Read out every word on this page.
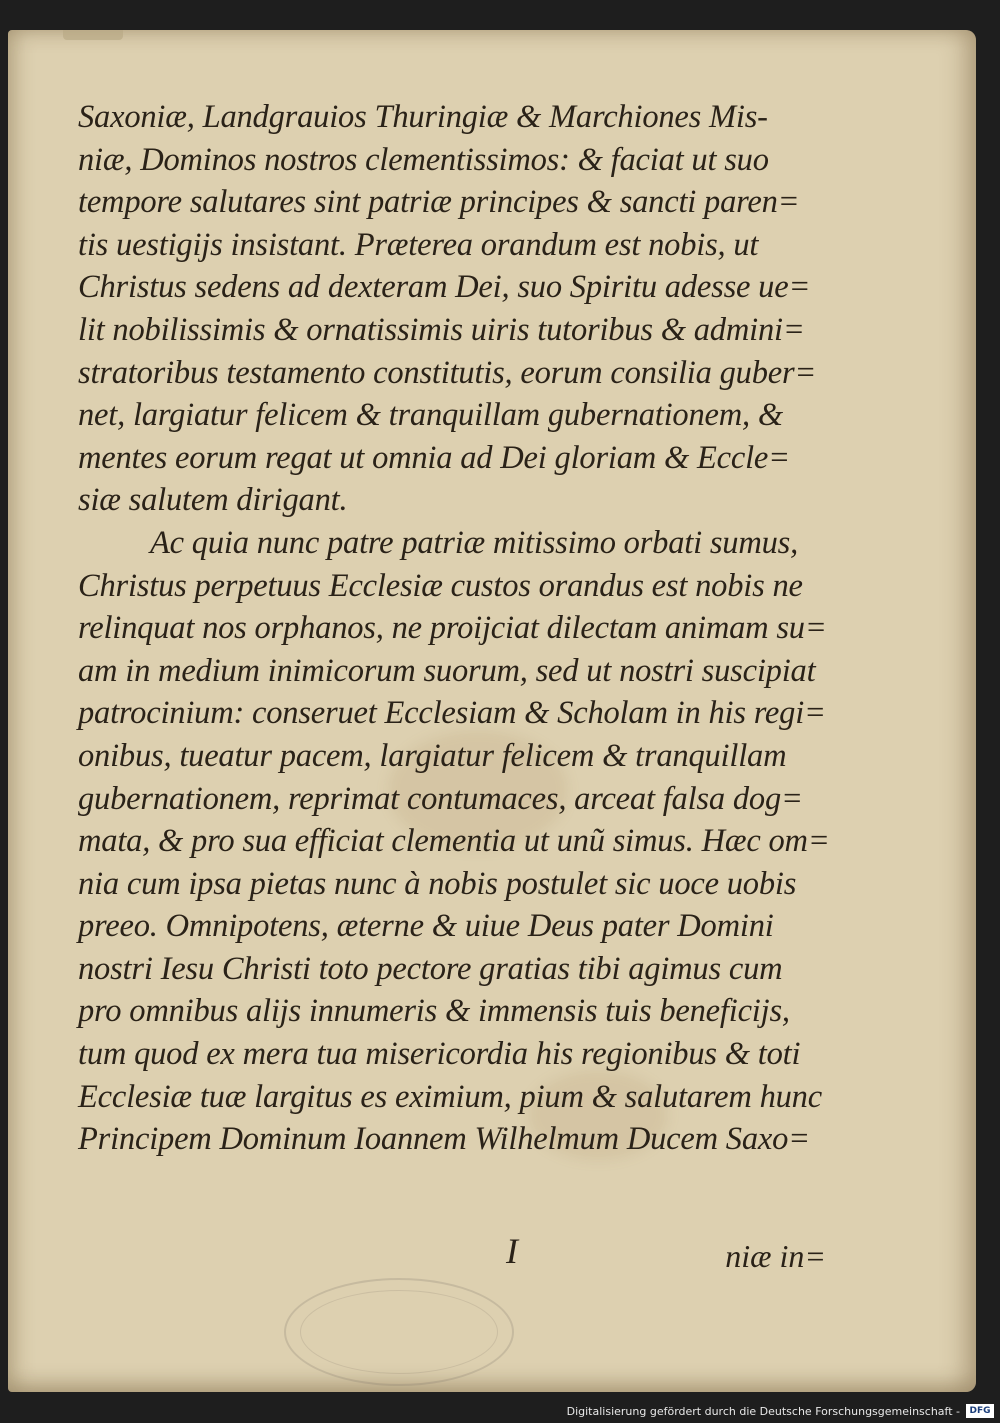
Saxoniæ, Landgrauios Thuringiæ & Marchiones Mis-
niæ, Dominos nostros clementissimos: & faciat ut suo
tempore salutares sint patriæ principes & sancti paren=
tis uestigijs insistant. Præterea orandum est nobis, ut
Christus sedens ad dexteram Dei, suo Spiritu adesse ue=
lit nobilissimis & ornatissimis uiris tutoribus & admini=
stratoribus testamento constitutis, eorum consilia guber=
net, largiatur felicem & tranquillam gubernationem, &
mentes eorum regat ut omnia ad Dei gloriam & Eccle=
siæ salutem dirigant.
Ac quia nunc patre patriæ mitissimo orbati sumus,
Christus perpetuus Ecclesiæ custos orandus est nobis ne
relinquat nos orphanos, ne proijciat dilectam animam su=
am in medium inimicorum suorum, sed ut nostri suscipiat
patrocinium: conseruet Ecclesiam & Scholam in his regi=
onibus, tueatur pacem, largiatur felicem & tranquillam
gubernationem, reprimat contumaces, arceat falsa dog=
mata, & pro sua efficiat clementia ut unũ simus. Hæc om=
nia cum ipsa pietas nunc à nobis postulet sic uoce uobis
preeo. Omnipotens, æterne & uiue Deus pater Domini
nostri Iesu Christi toto pectore gratias tibi agimus cum
pro omnibus alijs innumeris & immensis tuis beneficijs,
tum quod ex mera tua misericordia his regionibus & toti
Ecclesiæ tuæ largitus es eximium, pium & salutarem hunc
Principem Dominum Ioannem Wilhelmum Ducem Saxo=
I	niæ in=
Digitalisierung gefördert durch die Deutsche Forschungsgemeinschaft -	DFG
